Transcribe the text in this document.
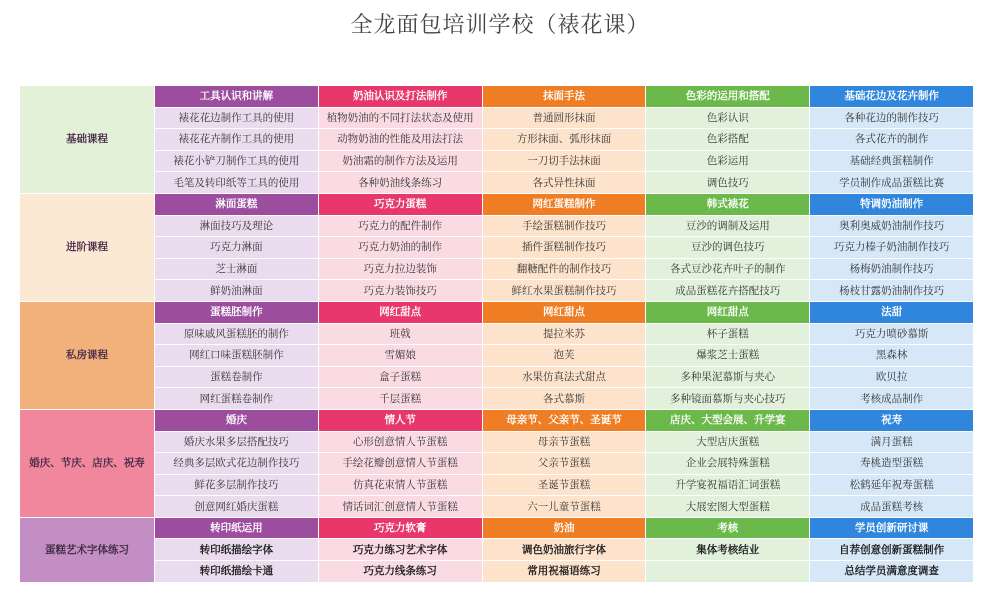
全龙面包培训学校（裱花课）
基础课程	工具认识和讲解	奶油认识及打法制作	抹面手法	色彩的运用和搭配	基础花边及花卉制作
	裱花花边制作工具的使用	植物奶油的不同打法状态及使用	普通圆形抹面	色彩认识	各种花边的制作技巧
	裱花花卉制作工具的使用	动物奶油的性能及用法打法	方形抹面、弧形抹面	色彩搭配	各式花卉的制作
	裱花小铲刀制作工具的使用	奶油霜的制作方法及运用	一刀切手法抹面	色彩运用	基础经典蛋糕制作
	毛笔及转印纸等工具的使用	各种奶油线条练习	各式异性抹面	调色技巧	学员制作成品蛋糕比赛
进阶课程	淋面蛋糕	巧克力蛋糕	网红蛋糕制作	韩式裱花	特调奶油制作
	淋面技巧及理论	巧克力的配件制作	手绘蛋糕制作技巧	豆沙的调制及运用	奥利奥威奶油制作技巧
	巧克力淋面	巧克力奶油的制作	插件蛋糕制作技巧	豆沙的调色技巧	巧克力榛子奶油制作技巧
	芝士淋面	巧克力拉边装饰	翻糖配件的制作技巧	各式豆沙花卉叶子的制作	杨梅奶油制作技巧
	鲜奶油淋面	巧克力装饰技巧	鲜红水果蛋糕制作技巧	成品蛋糕花卉搭配技巧	杨枝甘露奶油制作技巧
私房课程	蛋糕胚制作	网红甜点	网红甜点	网红甜点	法甜
	原味戚风蛋糕胚的制作	班戟	提拉米苏	杯子蛋糕	巧克力喷砂慕斯
	网红口味蛋糕胚制作	雪媚娘	泡芙	爆浆芝士蛋糕	黑森林
	蛋糕卷制作	盒子蛋糕	水果仿真法式甜点	多种果泥慕斯与夹心	欧贝拉
	网红蛋糕卷制作	千层蛋糕	各式慕斯	多种镜面慕斯与夹心技巧	考核成品制作
婚庆、节庆、店庆、祝寿	婚庆	情人节	母亲节、父亲节、圣诞节	店庆、大型会展、升学宴	祝寿
	婚庆水果多层搭配技巧	心形创意情人节蛋糕	母亲节蛋糕	大型店庆蛋糕	满月蛋糕
	经典多层欧式花边制作技巧	手绘花瓣创意情人节蛋糕	父亲节蛋糕	企业会展特殊蛋糕	寿桃造型蛋糕
	鲜花多层制作技巧	仿真花束情人节蛋糕	圣诞节蛋糕	升学宴祝福语汇词蛋糕	松鹤延年祝寿蛋糕
	创意网红婚庆蛋糕	情话词汇创意情人节蛋糕	六一儿童节蛋糕	大展宏图大型蛋糕	成品蛋糕考核
蛋糕艺术字体练习	转印纸运用	巧克力软膏	奶油	考核	学员创新研讨课
	转印纸描绘字体	巧克力练习艺术字体	调色奶油旅行字体	集体考核结业	自荐创意创新蛋糕制作
	转印纸描绘卡通	巧克力线条练习	常用祝福语练习		总结学员满意度调查
